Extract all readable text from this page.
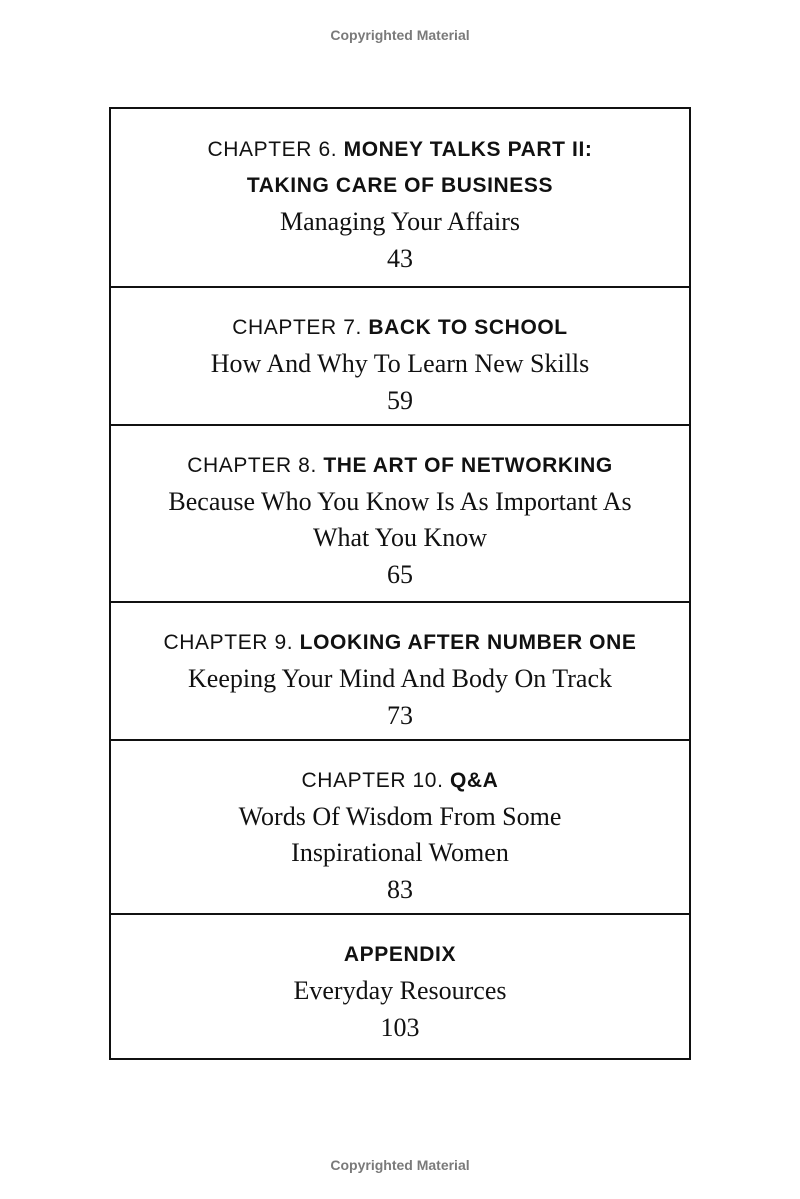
Copyrighted Material
CHAPTER 6. MONEY TALKS PART II:
TAKING CARE OF BUSINESS
Managing Your Affairs
43
CHAPTER 7. BACK TO SCHOOL
How And Why To Learn New Skills
59
CHAPTER 8. THE ART OF NETWORKING
Because Who You Know Is As Important As
What You Know
65
CHAPTER 9. LOOKING AFTER NUMBER ONE
Keeping Your Mind And Body On Track
73
CHAPTER 10. Q&A
Words Of Wisdom From Some
Inspirational Women
83
APPENDIX
Everyday Resources
103
Copyrighted Material
